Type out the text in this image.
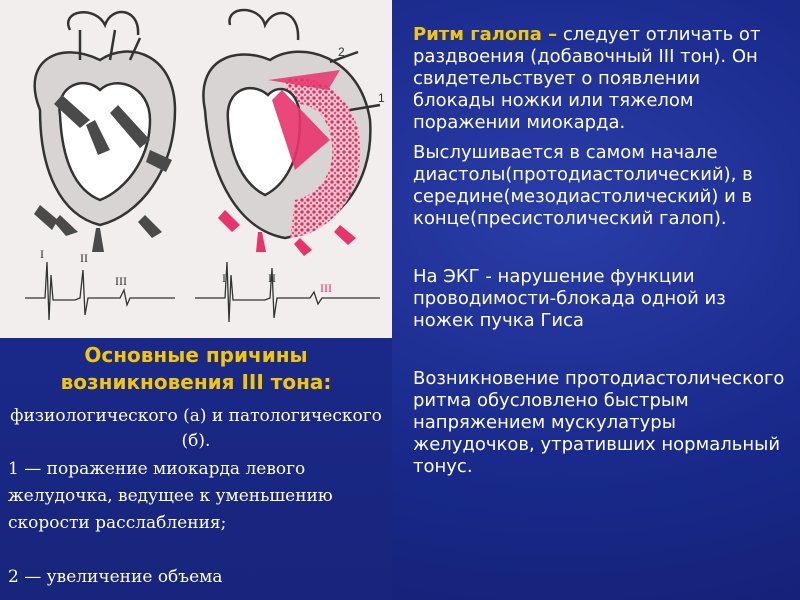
2
1
I	II
III	I	II
III
Основные причины возникновения III тона:
физиологического (а) и патологического (б).
1 — поражение миокарда левого желудочка, ведущее к уменьшению скорости расслабления;
2 — увеличение объема

Ритм галопа – следует отличать от раздвоения (добавочный III тон). Он свидетельствует о появлении блокады ножки или тяжелом поражении миокарда.

Выслушивается в самом начале диастолы(протодиастолический), в середине(мезодиастолический) и в конце(пресистолический галоп).

На ЭКГ - нарушение функции проводимости-блокада одной из ножек пучка Гиса

Возникновение протодиастолического ритма обусловлено быстрым напряжением мускулатуры желудочков, утративших нормальный тонус.
